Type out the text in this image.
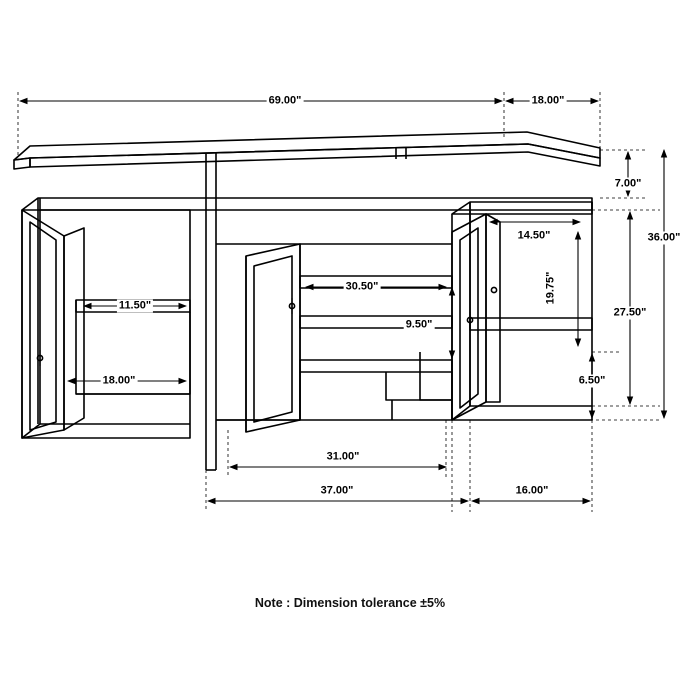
69.00"	18.00"
7.00"
36.00"
14.50"
19.75"
27.50"
11.50"
30.50"
9.50"
18.00"	6.50"
31.00"
37.00"	16.00"
Note : Dimension tolerance ±5%
